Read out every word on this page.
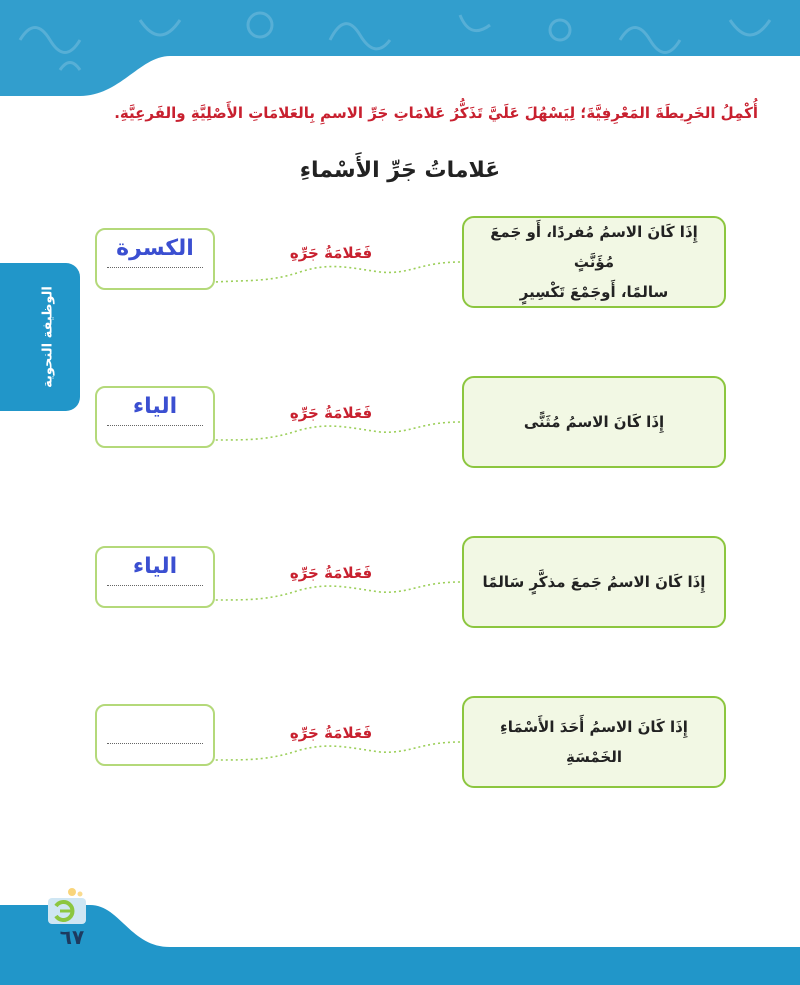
الوظيفة النحوية
أُكْمِلُ الخَرِيطَةَ المَعْرِفِيَّةَ؛ لِيَسْهُلَ عَلَيَّ تَذَكُّرُ عَلامَاتِ جَرِّ الاسمِ بِالعَلامَاتِ الأَصْلِيَّةِ والفَرعِيَّةِ.
عَلاماتُ جَرِّ الأَسْماءِ
إِذَا كَانَ الاسمُ مُفردًا، أَو جَمعَ مُؤَنَّثٍ
سالمًا، أَوجَمْعَ تَكْسِيرٍ
فَعَلامَةُ جَرِّهِ
الكسرة
إِذَا كَانَ الاسمُ مُثَنًّى
فَعَلامَةُ جَرِّهِ
الياء
إِذَا كَانَ الاسمُ جَمعَ مذكَّرٍ سَالمًا
فَعَلامَةُ جَرِّهِ
الياء
إِذَا كَانَ الاسمُ أَحَدَ الأَسْمَاءِ الخَمْسَةِ
فَعَلامَةُ جَرِّهِ
٦٧
